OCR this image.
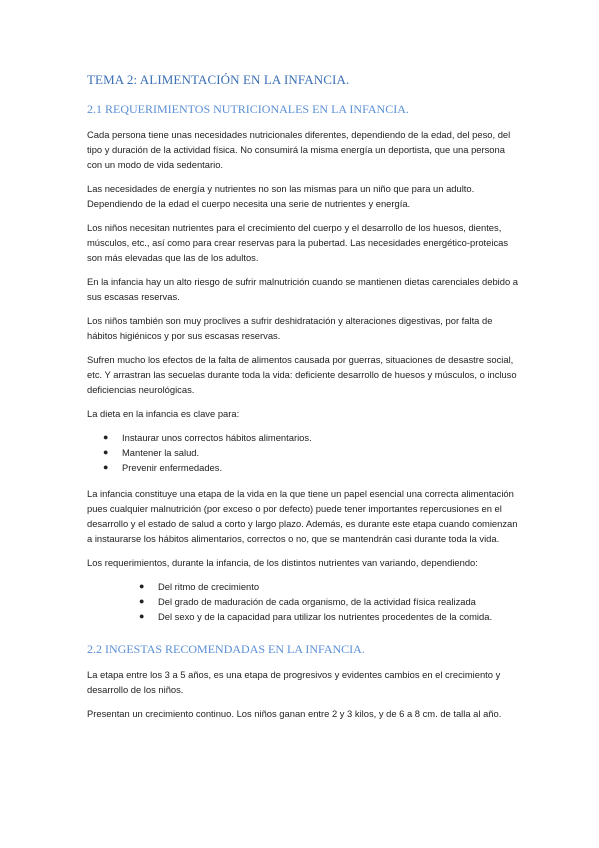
TEMA 2: ALIMENTACIÓN EN LA INFANCIA.
2.1 REQUERIMIENTOS NUTRICIONALES EN LA INFANCIA.

Cada persona tiene unas necesidades nutricionales diferentes, dependiendo de la edad, del peso, del tipo y duración de la actividad física. No consumirá la misma energía un deportista, que una persona con un modo de vida sedentario.

Las necesidades de energía y nutrientes no son las mismas para un niño que para un adulto. Dependiendo de la edad el cuerpo necesita una serie de nutrientes y energía.

Los niños necesitan nutrientes para el crecimiento del cuerpo y el desarrollo de los huesos, dientes, músculos, etc., así como para crear reservas para la pubertad. Las necesidades energético-proteicas son más elevadas que las de los adultos.

En la infancia hay un alto riesgo de sufrir malnutrición cuando se mantienen dietas carenciales debido a sus escasas reservas.

Los niños también son muy proclives a sufrir deshidratación y alteraciones digestivas, por falta de hábitos higiénicos y por sus escasas reservas.

Sufren mucho los efectos de la falta de alimentos causada por guerras, situaciones de desastre social, etc. Y arrastran las secuelas durante toda la vida: deficiente desarrollo de huesos y músculos, o incluso deficiencias neurológicas.

La dieta en la infancia es clave para:

● Instaurar unos correctos hábitos alimentarios.
● Mantener la salud.
● Prevenir enfermedades.

La infancia constituye una etapa de la vida en la que tiene un papel esencial una correcta alimentación pues cualquier malnutrición (por exceso o por defecto) puede tener importantes repercusiones en el desarrollo y el estado de salud a corto y largo plazo. Además, es durante este etapa cuando comienzan a instaurarse los hábitos alimentarios, correctos o no, que se mantendrán casi durante toda la vida.

Los requerimientos, durante la infancia, de los distintos nutrientes van variando, dependiendo:

● Del ritmo de crecimiento
● Del grado de maduración de cada organismo, de la actividad física realizada
● Del sexo y de la capacidad para utilizar los nutrientes procedentes de la comida.
2.2 INGESTAS RECOMENDADAS EN LA INFANCIA.

La etapa entre los 3 a 5 años, es una etapa de progresivos y evidentes cambios en el crecimiento y desarrollo de los niños.

Presentan un crecimiento continuo. Los niños ganan entre 2 y 3 kilos, y de 6 a 8 cm. de talla al año.
